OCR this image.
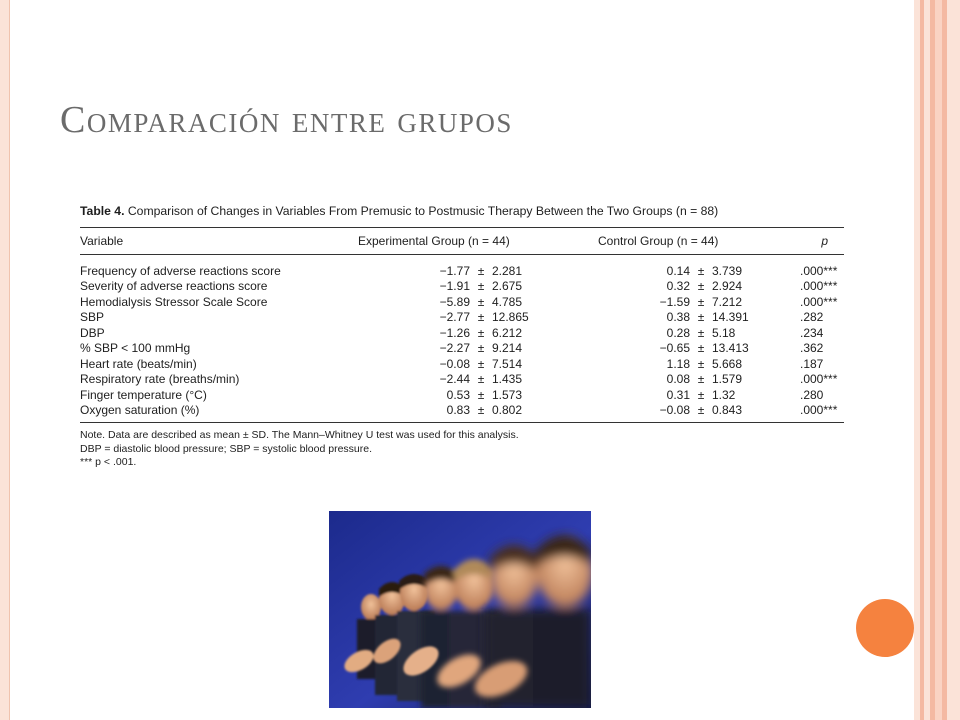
Comparación entre grupos
Table 4. Comparison of Changes in Variables From Premusic to Postmusic Therapy Between the Two Groups (n = 88)
Variable	Experimental Group (n = 44)	Control Group (n = 44)	p
Frequency of adverse reactions score	−1.77 ± 2.281	0.14 ± 3.739	.000***
Severity of adverse reactions score	−1.91 ± 2.675	0.32 ± 2.924	.000***
Hemodialysis Stressor Scale Score	−5.89 ± 4.785	−1.59 ± 7.212	.000***
SBP	−2.77 ± 12.865	0.38 ± 14.391	.282
DBP	−1.26 ± 6.212	0.28 ± 5.18	.234
% SBP < 100 mmHg	−2.27 ± 9.214	−0.65 ± 13.413	.362
Heart rate (beats/min)	−0.08 ± 7.514	1.18 ± 5.668	.187
Respiratory rate (breaths/min)	−2.44 ± 1.435	0.08 ± 1.579	.000***
Finger temperature (°C)	0.53 ± 1.573	0.31 ± 1.32	.280
Oxygen saturation (%)	0.83 ± 0.802	−0.08 ± 0.843	.000***
Note. Data are described as mean ± SD. The Mann–Whitney U test was used for this analysis.
DBP = diastolic blood pressure; SBP = systolic blood pressure.
*** p < .001.
